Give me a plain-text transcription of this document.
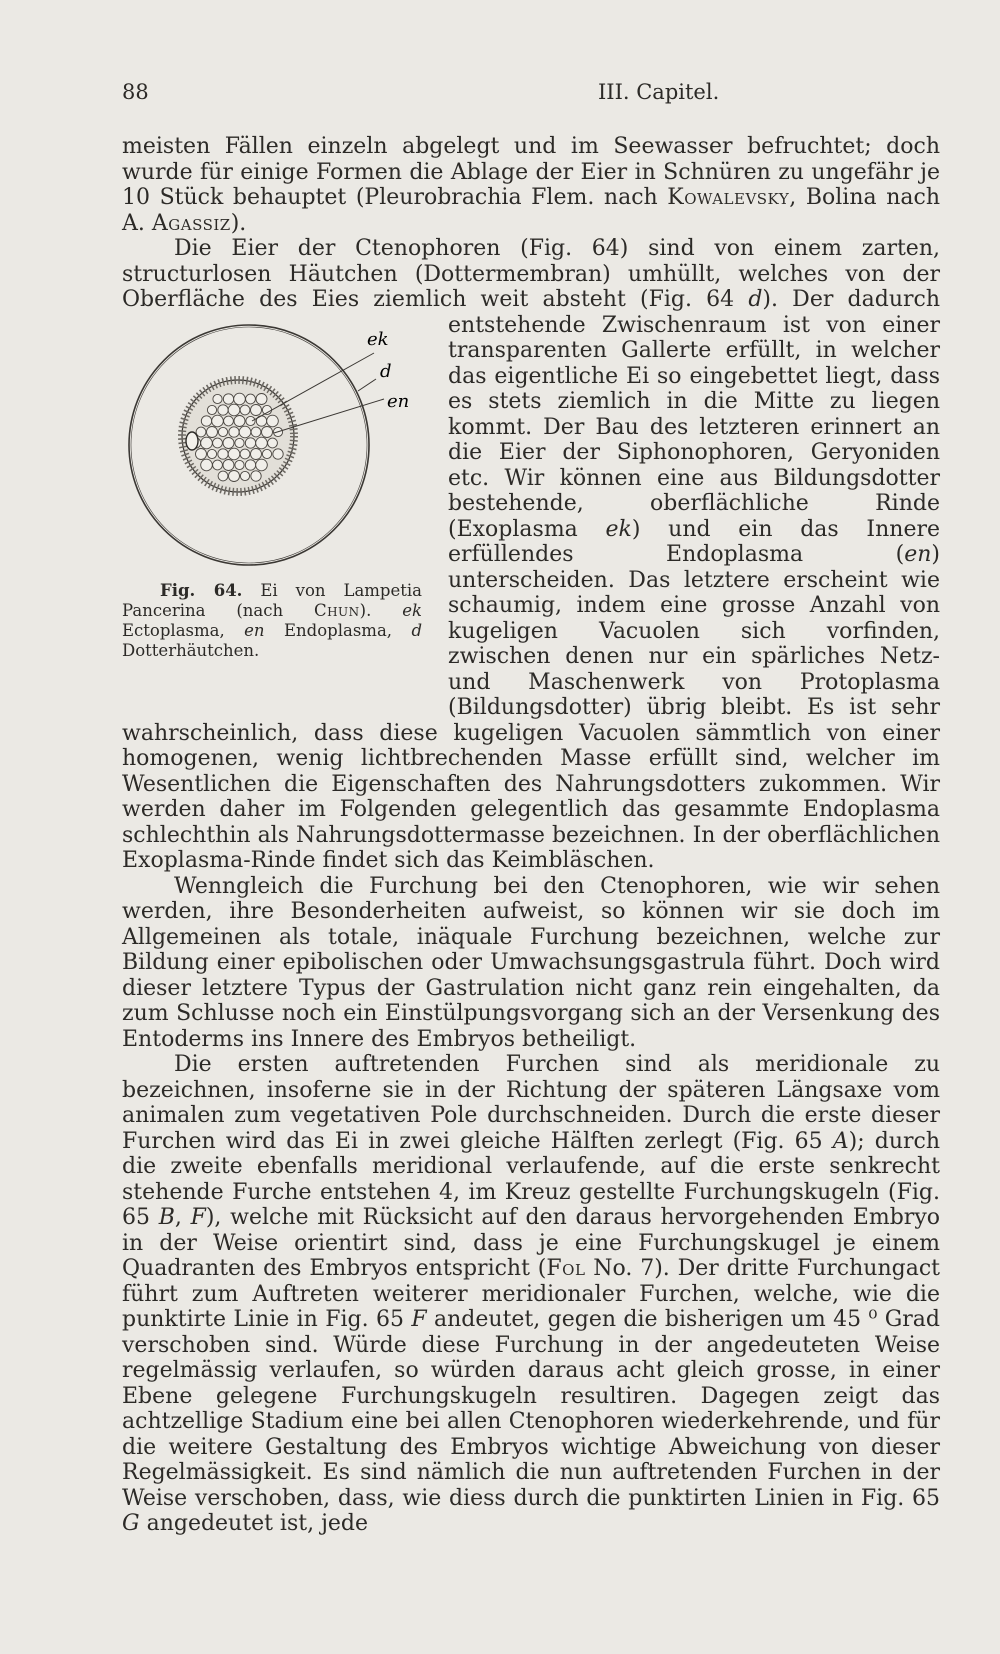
88	III. Capitel.

meisten Fällen einzeln abgelegt und im Seewasser befruchtet; doch wurde für einige Formen die Ablage der Eier in Schnüren zu ungefähr je 10 Stück behauptet (Pleurobrachia Flem. nach Kowalevsky, Bolina nach A. Agassiz).

Die Eier der Ctenophoren (Fig. 64) sind von einem zarten, structurlosen Häutchen (Dottermembran) umhüllt, welches von der Oberfläche des Eies ziemlich weit absteht (Fig. 64 d). Der dadurch entstehende
ek
d
en
Fig. 64. Ei von Lampetia Pancerina (nach Chun). ek Ectoplasma, en Endoplasma, d Dotterhäutchen.
Zwischenraum ist von einer transparenten Gallerte erfüllt, in welcher das eigentliche Ei so eingebettet liegt, dass es stets ziemlich in die Mitte zu liegen kommt. Der Bau des letzteren erinnert an die Eier der Siphonophoren, Geryoniden etc. Wir können eine aus Bildungsdotter bestehende, oberflächliche Rinde (Exoplasma ek) und ein das Innere erfüllendes Endoplasma (en) unterscheiden. Das letztere erscheint wie schaumig, indem eine grosse Anzahl von kugeligen Vacuolen sich vorfinden, zwischen denen nur ein spärliches Netz- und Maschenwerk von Protoplasma (Bildungsdotter) übrig bleibt. Es ist sehr wahrscheinlich, dass diese kugeligen Vacuolen sämmtlich von einer homogenen, wenig lichtbrechenden Masse erfüllt sind, welcher im Wesentlichen die Eigenschaften des Nahrungsdotters zukommen. Wir werden daher im Folgenden gelegentlich das gesammte Endoplasma schlechthin als Nahrungsdottermasse bezeichnen. In der oberflächlichen Exoplasma-Rinde findet sich das Keimbläschen.

Wenngleich die Furchung bei den Ctenophoren, wie wir sehen werden, ihre Besonderheiten aufweist, so können wir sie doch im Allgemeinen als totale, inäquale Furchung bezeichnen, welche zur Bildung einer epibolischen oder Umwachsungsgastrula führt. Doch wird dieser letztere Typus der Gastrulation nicht ganz rein eingehalten, da zum Schlusse noch ein Einstülpungsvorgang sich an der Versenkung des Entoderms ins Innere des Embryos betheiligt.

Die ersten auftretenden Furchen sind als meridionale zu bezeichnen, insoferne sie in der Richtung der späteren Längsaxe vom animalen zum vegetativen Pole durchschneiden. Durch die erste dieser Furchen wird das Ei in zwei gleiche Hälften zerlegt (Fig. 65 A); durch die zweite ebenfalls meridional verlaufende, auf die erste senkrecht stehende Furche entstehen 4, im Kreuz gestellte Furchungskugeln (Fig. 65 B, F), welche mit Rücksicht auf den daraus hervorgehenden Embryo in der Weise orientirt sind, dass je eine Furchungskugel je einem Quadranten des Embryos entspricht (Fol No. 7). Der dritte Furchungact führt zum Auftreten weiterer meridionaler Furchen, welche, wie die punktirte Linie in Fig. 65 F andeutet, gegen die bisherigen um 45 ⁰ Grad verschoben sind. Würde diese Furchung in der angedeuteten Weise regelmässig verlaufen, so würden daraus acht gleich grosse, in einer Ebene gelegene Furchungskugeln resultiren. Dagegen zeigt das achtzellige Stadium eine bei allen Ctenophoren wiederkehrende, und für die weitere Gestaltung des Embryos wichtige Abweichung von dieser Regelmässigkeit. Es sind nämlich die nun auftretenden Furchen in der Weise verschoben, dass, wie diess durch die punktirten Linien in Fig. 65 G angedeutet ist, jede
